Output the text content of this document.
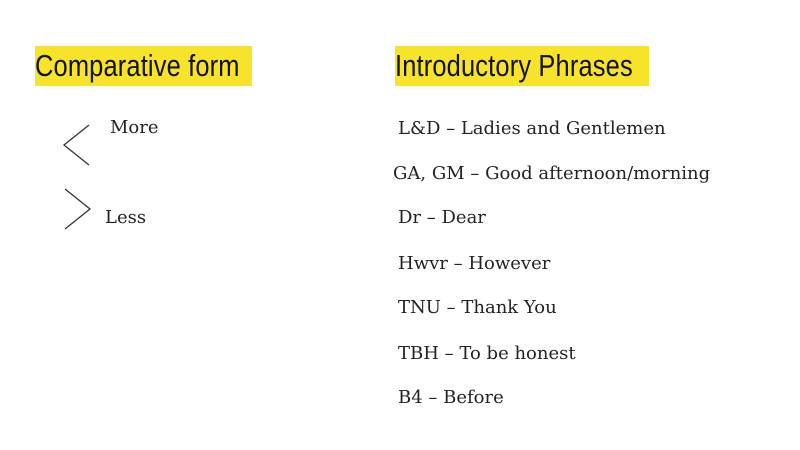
Comparative form	Introductory Phrases
More
Less
L&D – Ladies and Gentlemen
GA, GM – Good afternoon/morning
Dr – Dear
Hwvr – However
TNU – Thank You
TBH – To be honest
B4 – Before
